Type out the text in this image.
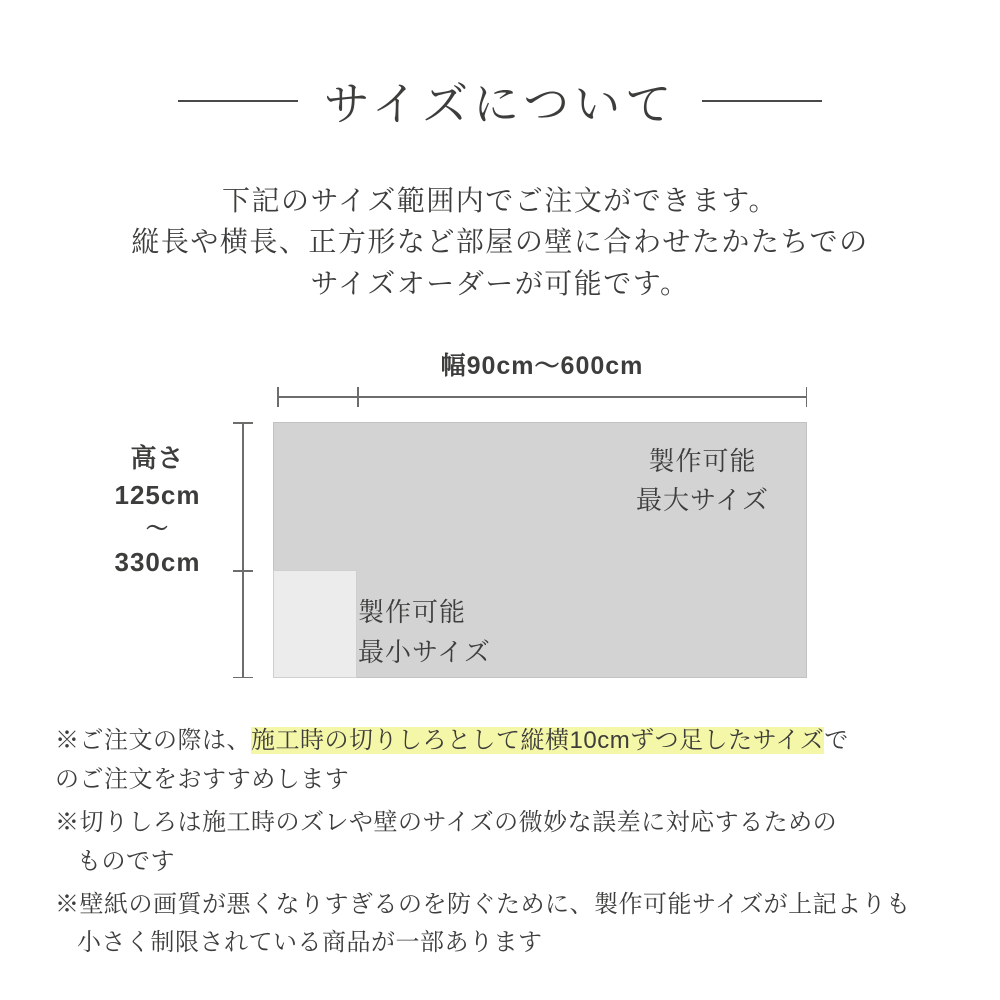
サイズについて
下記のサイズ範囲内でご注文ができます。
縦長や横長、正方形など部屋の壁に合わせたかたちでの
サイズオーダーが可能です。
幅90cm〜600cm
高さ
125cm
〜
330cm
製作可能
最大サイズ
製作可能
最小サイズ
※ご注文の際は、施工時の切りしろとして縦横10cmずつ足したサイズで
のご注文をおすすめします
※切りしろは施工時のズレや壁のサイズの微妙な誤差に対応するための
ものです
※壁紙の画質が悪くなりすぎるのを防ぐために、製作可能サイズが上記よりも
小さく制限されている商品が一部あります
